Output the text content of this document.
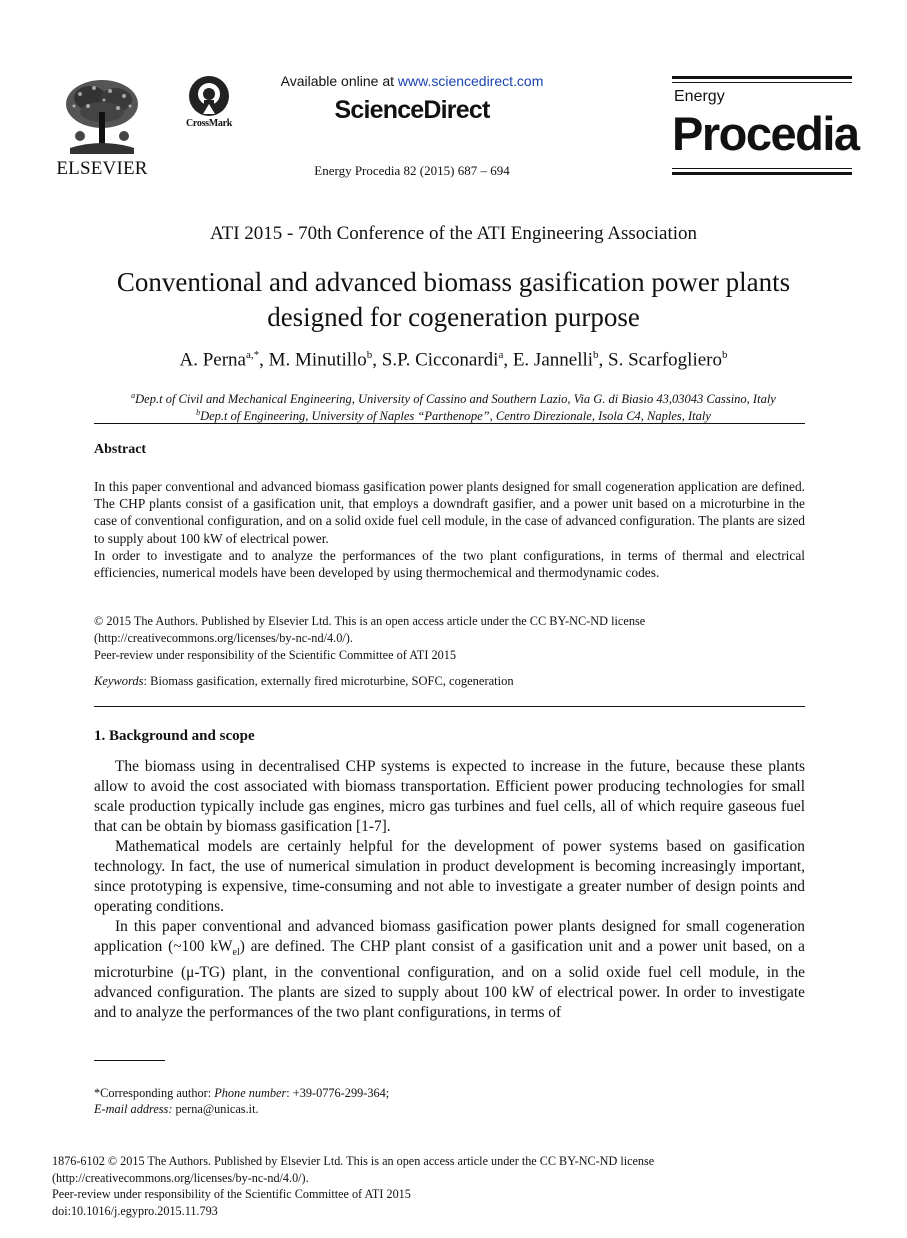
ELSEVIER
CrossMark
Available online at www.sciencedirect.com
ScienceDirect
Energy Procedia 82 (2015) 687 – 694
Energy
Procedia
ATI 2015 - 70th Conference of the ATI Engineering Association
Conventional and advanced biomass gasification power plants
designed for cogeneration purpose
A. Perna$^{a,*}$, M. Minutillo$^b$, S.P. Cicconardi$^a$, E. Jannelli$^b$, S. Scarfogliero$^b$
$^a$Dep.t of Civil and Mechanical Engineering, University of Cassino and Southern Lazio, Via G. di Biasio 43,03043 Cassino, Italy
$^b$Dep.t of Engineering, University of Naples “Parthenope”, Centro Direzionale, Isola C4, Naples, Italy
Abstract

In this paper conventional and advanced biomass gasification power plants designed for small cogeneration application are defined. The CHP plants consist of a gasification unit, that employs a downdraft gasifier, and a power unit based on a microturbine in the case of conventional configuration, and on a solid oxide fuel cell module, in the case of advanced configuration. The plants are sized to supply about 100 kW of electrical power.

In order to investigate and to analyze the performances of the two plant configurations, in terms of thermal and electrical efficiencies, numerical models have been developed by using thermochemical and thermodynamic codes.

© 2015 The Authors. Published by Elsevier Ltd. This is an open access article under the CC BY-NC-ND license
(http://creativecommons.org/licenses/by-nc-nd/4.0/).
Peer-review under responsibility of the Scientific Committee of ATI 2015
Keywords: Biomass gasification, externally fired microturbine, SOFC, cogeneration
1. Background and scope

The biomass using in decentralised CHP systems is expected to increase in the future, because these plants allow to avoid the cost associated with biomass transportation. Efficient power producing technologies for small scale production typically include gas engines, micro gas turbines and fuel cells, all of which require gaseous fuel that can be obtain by biomass gasification [1-7].

Mathematical models are certainly helpful for the development of power systems based on gasification technology. In fact, the use of numerical simulation in product development is becoming increasingly important, since prototyping is expensive, time-consuming and not able to investigate a greater number of design points and operating conditions.

In this paper conventional and advanced biomass gasification power plants designed for small cogeneration application (~100 $kW_{el}$) are defined. The CHP plant consist of a gasification unit and a power unit based, on a microturbine (μ-TG) plant, in the conventional configuration, and on a solid oxide fuel cell module, in the advanced configuration. The plants are sized to supply about 100 kW of electrical power. In order to investigate and to analyze the performances of the two plant configurations, in terms of

*Corresponding author: Phone number: +39-0776-299-364;
E-mail address: perna@unicas.it.
1876-6102 © 2015 The Authors. Published by Elsevier Ltd. This is an open access article under the CC BY-NC-ND license
(http://creativecommons.org/licenses/by-nc-nd/4.0/).
Peer-review under responsibility of the Scientific Committee of ATI 2015
doi:10.1016/j.egypro.2015.11.793
